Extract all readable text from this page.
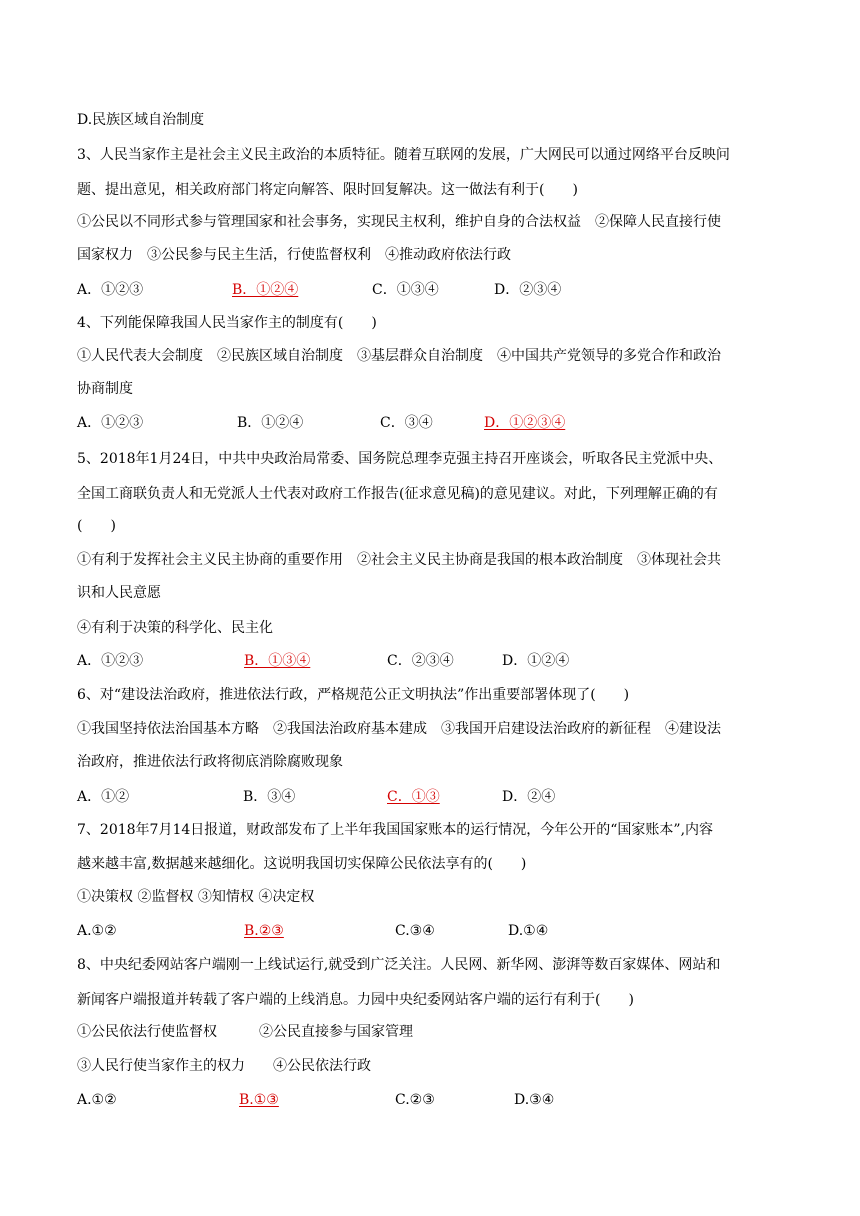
D.民族区域自治制度
3、人民当家作主是社会主义民主政治的本质特征。随着互联网的发展，广大网民可以通过网络平台反映问
题、提出意见，相关政府部门将定向解答、限时回复解决。这一做法有利于(　　)
①公民以不同形式参与管理国家和社会事务，实现民主权利，维护自身的合法权益　②保障人民直接行使
国家权力　③公民参与民主生活，行使监督权利　④推动政府依法行政
A．①②③	B．①②④	C．①③④	D．②③④
4、下列能保障我国人民当家作主的制度有(　　)
①人民代表大会制度　②民族区域自治制度　③基层群众自治制度　④中国共产党领导的多党合作和政治
协商制度
A．①②③	B．①②④	C．③④	D．①②③④
5、2018年1月24日，中共中央政治局常委、国务院总理李克强主持召开座谈会，听取各民主党派中央、
全国工商联负责人和无党派人士代表对政府工作报告(征求意见稿)的意见建议。对此，下列理解正确的有
(　　)
①有利于发挥社会主义民主协商的重要作用　②社会主义民主协商是我国的根本政治制度　③体现社会共
识和人民意愿
④有利于决策的科学化、民主化
A．①②③	B．①③④	C．②③④	D．①②④
6、对“建设法治政府，推进依法行政，严格规范公正文明执法”作出重要部署体现了(　　)
①我国坚持依法治国基本方略　②我国法治政府基本建成　③我国开启建设法治政府的新征程　④建设法
治政府，推进依法行政将彻底消除腐败现象
A．①②	B．③④	C．①③	D．②④
7、2018年7月14日报道，财政部发布了上半年我国国家账本的运行情况，今年公开的“国家账本”,内容
越来越丰富,数据越来越细化。这说明我国切实保障公民依法享有的(　　)
①决策权 ②监督权 ③知情权 ④决定权
A.①②	B.②③	C.③④	D.①④
8、中央纪委网站客户端刚一上线试运行,就受到广泛关注。人民网、新华网、澎湃等数百家媒体、网站和
新闻客户端报道并转载了客户端的上线消息。力园中央纪委网站客户端的运行有利于(　　)
①公民依法行使监督权　　　②公民直接参与国家管理
③人民行使当家作主的权力　　④公民依法行政
A.①②	B.①③	C.②③	D.③④
